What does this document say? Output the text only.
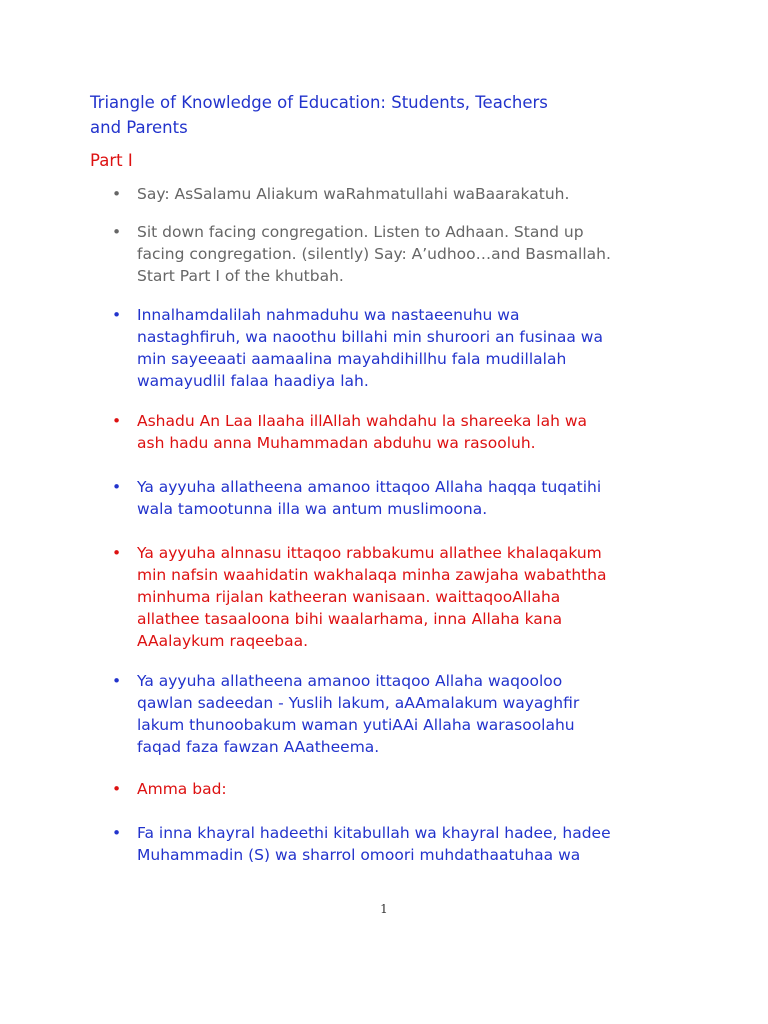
Triangle of Knowledge of Education: Students, Teachers
and Parents
Part I
•	Say: AsSalamu Aliakum waRahmatullahi waBaarakatuh.
•	Sit down facing congregation. Listen to Adhaan. Stand up
facing congregation. (silently) Say: A’udhoo…and Basmallah.
Start Part I of the khutbah.
•	Innalhamdalilah nahmaduhu wa nastaeenuhu wa
nastaghfiruh, wa naoothu billahi min shuroori an fusinaa wa
min sayeeaati aamaalina mayahdihillhu fala mudillalah
wamayudlil falaa haadiya lah.
•	Ashadu An Laa Ilaaha illAllah wahdahu la shareeka lah wa
ash hadu anna Muhammadan abduhu wa rasooluh.
•	Ya ayyuha allatheena amanoo ittaqoo Allaha haqqa tuqatihi
wala tamootunna illa wa antum muslimoona.
•	Ya ayyuha alnnasu ittaqoo rabbakumu allathee khalaqakum
min nafsin waahidatin wakhalaqa minha zawjaha wabaththa
minhuma rijalan katheeran wanisaan. waittaqooAllaha
allathee tasaaloona bihi waalarhama, inna Allaha kana
AAalaykum raqeebaa.
•	Ya ayyuha allatheena amanoo ittaqoo Allaha waqooloo
qawlan sadeedan - Yuslih lakum, aAAmalakum wayaghfir
lakum thunoobakum waman yutiAAi Allaha warasoolahu
faqad faza fawzan AAatheema.
•	Amma bad:
•	Fa inna khayral hadeethi kitabullah wa khayral hadee, hadee
Muhammadin (S) wa sharrol omoori muhdathaatuhaa wa
1
